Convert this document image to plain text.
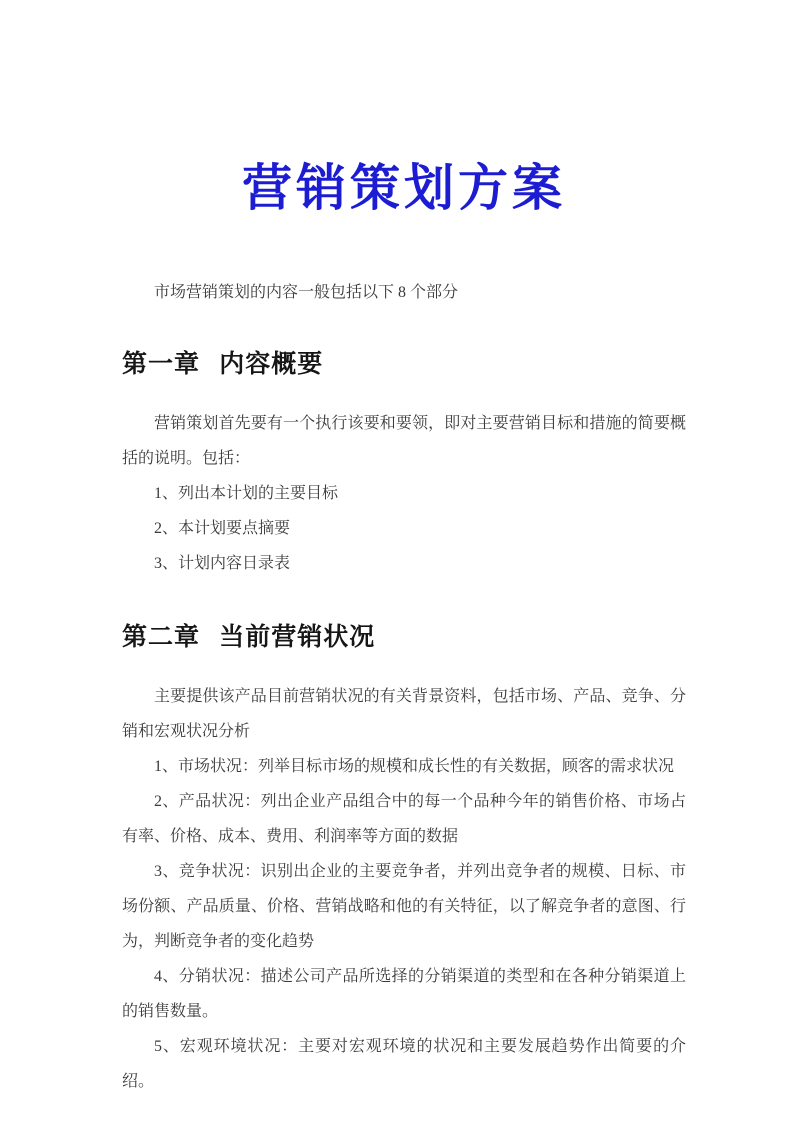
营销策划方案

市场营销策划的内容一般包括以下 8 个部分

第一章 内容概要

营销策划首先要有一个执行该要和要领，即对主要营销目标和措施的简要概括的说明。包括：

1、列出本计划的主要目标

2、本计划要点摘要

3、计划内容日录表

第二章 当前营销状况

主要提供该产品目前营销状况的有关背景资料，包括市场、产品、竞争、分销和宏观状况分析

1、市场状况：列举目标市场的规模和成长性的有关数据，顾客的需求状况

2、产品状况：列出企业产品组合中的每一个品种今年的销售价格、市场占有率、价格、成本、费用、利润率等方面的数据

3、竞争状况：识别出企业的主要竞争者，并列出竞争者的规模、日标、市场份额、产品质量、价格、营销战略和他的有关特征，以了解竞争者的意图、行为，判断竞争者的变化趋势

4、分销状况：描述公司产品所选择的分销渠道的类型和在各种分销渠道上的销售数量。

5、宏观环境状况：主要对宏观环境的状况和主要发展趋势作出简要的介绍。
